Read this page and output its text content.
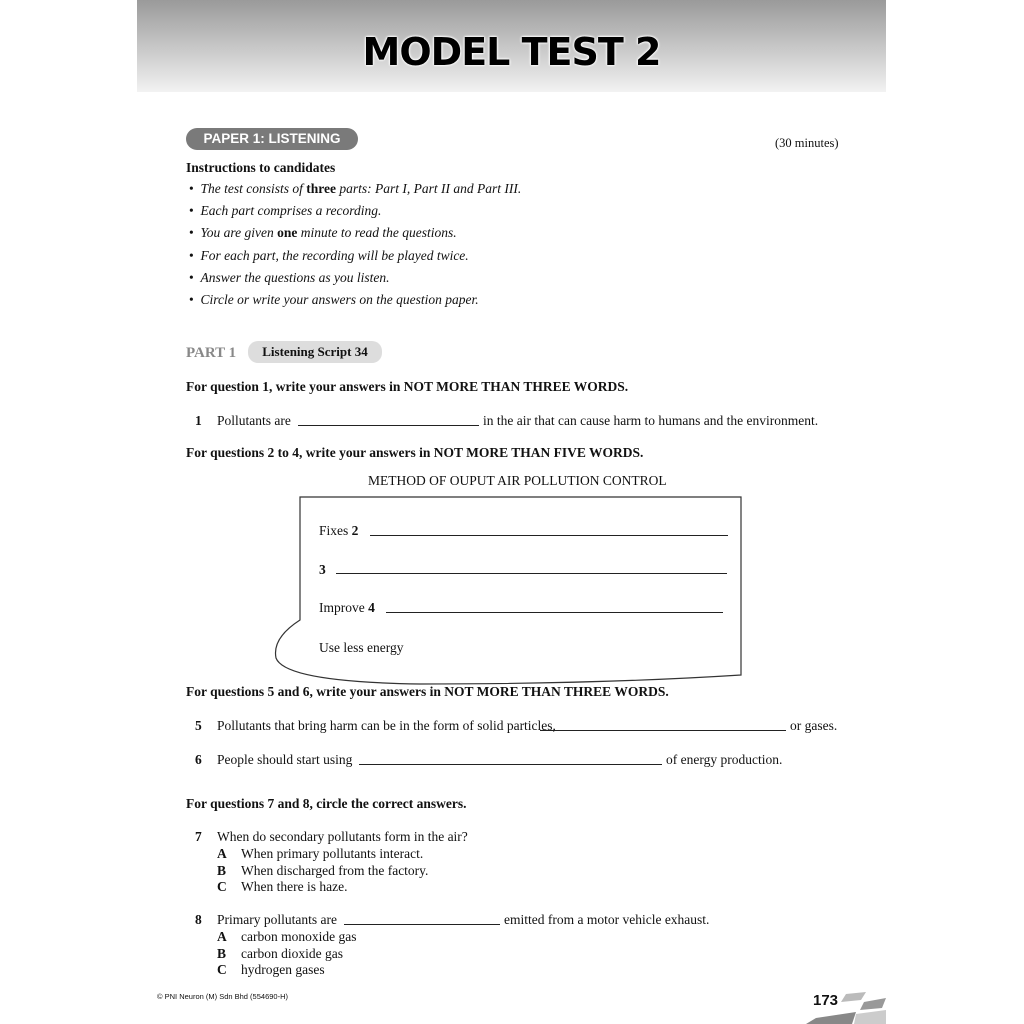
MODEL TEST 2
PAPER 1: LISTENING	(30 minutes)
Instructions to candidates
•  The test consists of three parts: Part I, Part II and Part III.
•  Each part comprises a recording.
•  You are given one minute to read the questions.
•  For each part, the recording will be played twice.
•  Answer the questions as you listen.
•  Circle or write your answers on the question paper.
PART 1	Listening Script 34
For question 1, write your answers in NOT MORE THAN THREE WORDS.
1 Pollutants are	in the air that can cause harm to humans and the environment.
For questions 2 to 4, write your answers in NOT MORE THAN FIVE WORDS.
METHOD OF OUPUT AIR POLLUTION CONTROL
Fixes 2
3
Improve 4
Use less energy
For questions 5 and 6, write your answers in NOT MORE THAN THREE WORDS.
5 Pollutants that bring harm can be in the form of solid particles,	or gases.
6 People should start using	of energy production.
For questions 7 and 8, circle the correct answers.
7 When do secondary pollutants form in the air?
A When primary pollutants interact.
B When discharged from the factory.
C When there is haze.
8 Primary pollutants are	emitted from a motor vehicle exhaust.
A carbon monoxide gas
B carbon dioxide gas
C hydrogen gases
© PNI Neuron (M) Sdn Bhd (554690-H)	173
